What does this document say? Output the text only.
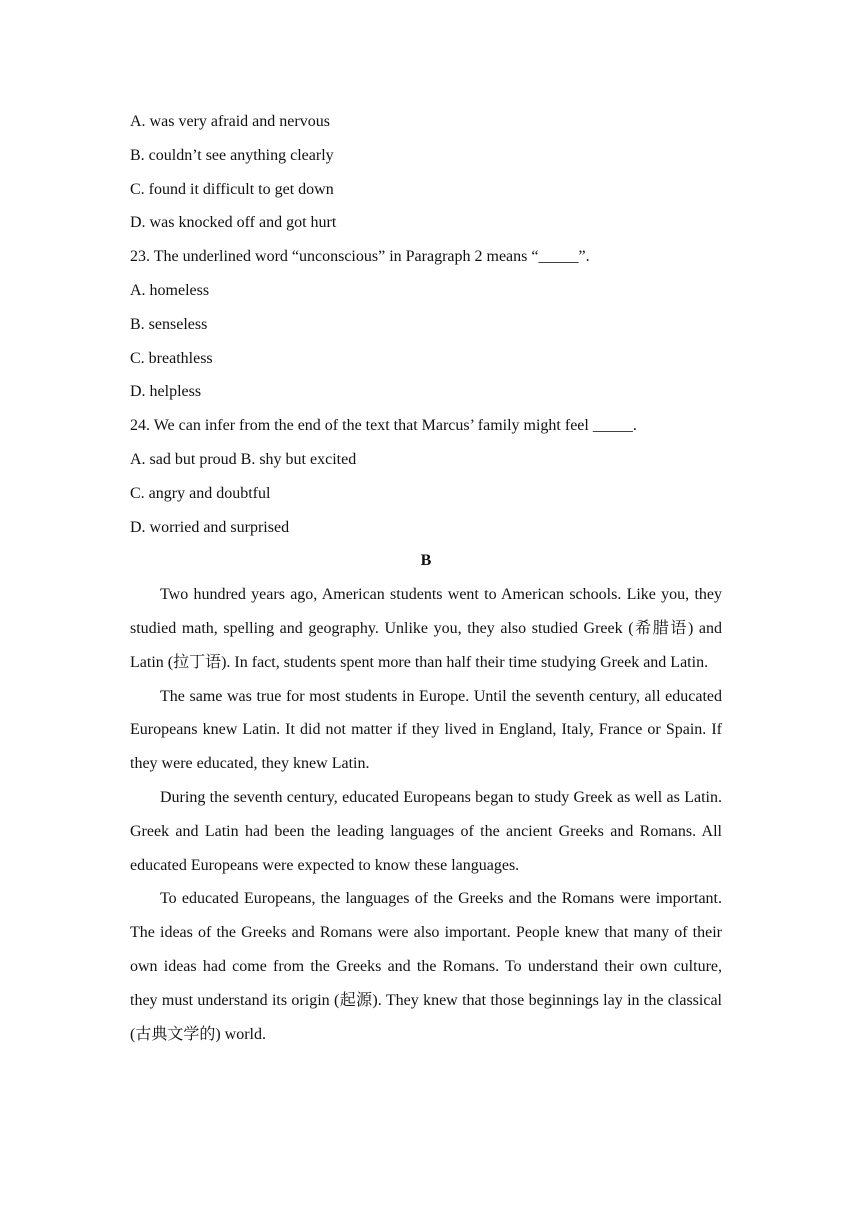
A. was very afraid and nervous
B. couldn’t see anything clearly
C. found it difficult to get down
D. was knocked off and got hurt
23. The underlined word “unconscious” in Paragraph 2 means “_____”.
A. homeless
B. senseless
C. breathless
D. helpless
24. We can infer from the end of the text that Marcus’ family might feel _____.
A. sad but proud B. shy but excited
C. angry and doubtful
D. worried and surprised
B
Two hundred years ago, American students went to American schools. Like you, they studied math, spelling and geography. Unlike you, they also studied Greek (希腊语) and Latin (拉丁语). In fact, students spent more than half their time studying Greek and Latin.
The same was true for most students in Europe. Until the seventh century, all educated Europeans knew Latin. It did not matter if they lived in England, Italy, France or Spain. If they were educated, they knew Latin.
During the seventh century, educated Europeans began to study Greek as well as Latin. Greek and Latin had been the leading languages of the ancient Greeks and Romans. All educated Europeans were expected to know these languages.
To educated Europeans, the languages of the Greeks and the Romans were important. The ideas of the Greeks and Romans were also important. People knew that many of their own ideas had come from the Greeks and the Romans. To understand their own culture, they must understand its origin (起源). They knew that those beginnings lay in the classical (古典文学的) world.
